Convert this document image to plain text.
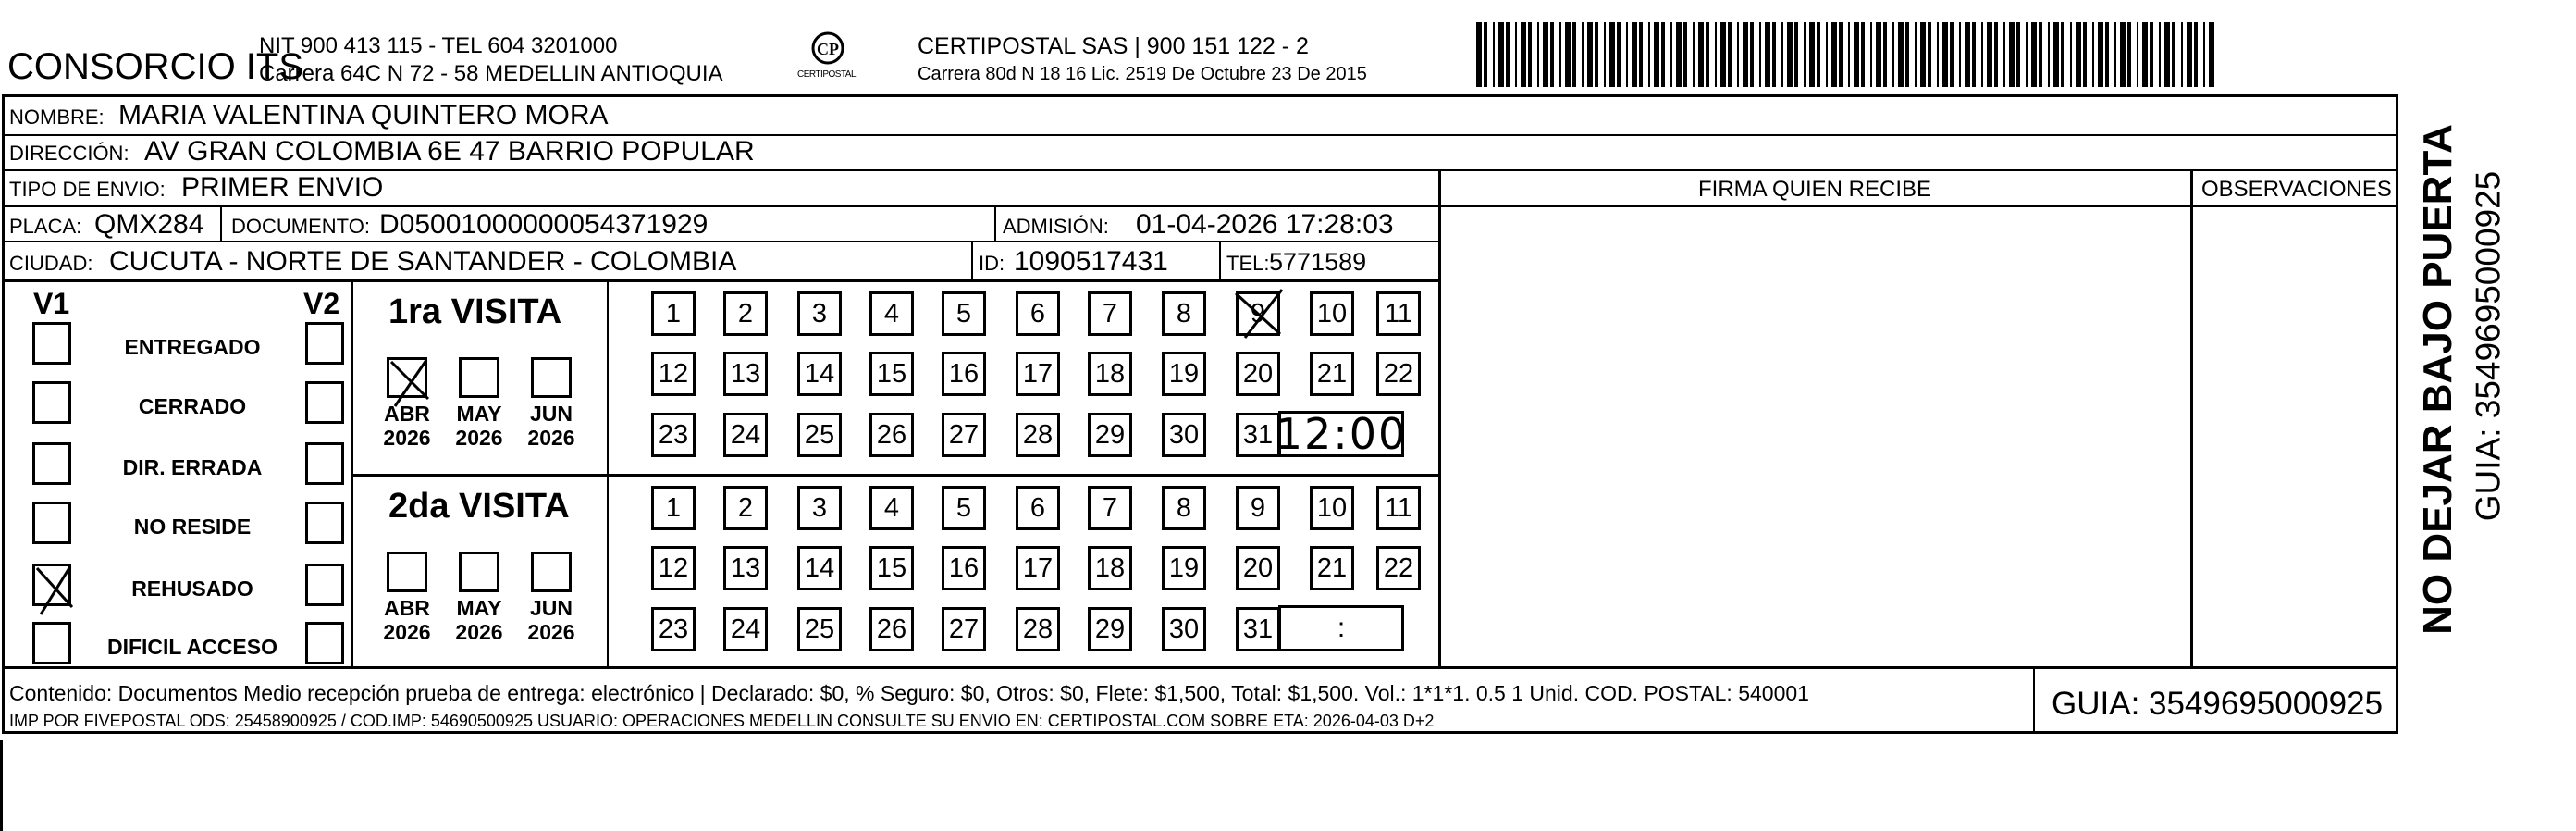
CONSORCIO ITS
NIT 900 413 115 - TEL 604 3201000
Carrera 64C N 72 - 58 MEDELLIN ANTIOQUIA
CP
CERTIPOSTAL
CERTIPOSTAL SAS | 900 151 122 - 2
Carrera 80d N 18 16 Lic. 2519 De Octubre 23 De 2015
NOMBRE: MARIA VALENTINA QUINTERO MORA
DIRECCIÓN: AV GRAN COLOMBIA 6E 47 BARRIO POPULAR
TIPO DE ENVIO: PRIMER ENVIO	FIRMA QUIEN RECIBE	OBSERVACIONES
PLACA: QMX284 DOCUMENTO: D05001000000054371929	ADMISIÓN: 01-04-2026 17:28:03
CIUDAD: CUCUTA - NORTE DE SANTANDER - COLOMBIA	ID: 1090517431	TEL: 5771589
V1	V2
ENTREGADO
CERRADO
DIR. ERRADA
NO RESIDE
REHUSADO
DIFICIL ACCESO
1ra VISITA
ABR
2026
MAY
2026
JUN
2026
1	2	3	4	5	6	7	8	9	10	11
12 13 14 15 16 17 18 19 20 21 22
23 24 25 26 27 28 29 30 31 12:00
2da VISITA
ABR
2026
MAY
2026
JUN
2026
1	2	3	4	5	6	7	8	9	10	11
12 13 14 15 16 17 18 19 20 21 22
23 24 25 26 27 28 29 30 31 :
Contenido: Documentos Medio recepción prueba de entrega: electrónico | Declarado: $0, % Seguro: $0, Otros: $0, Flete: $1,500, Total: $1,500. Vol.: 1*1*1. 0.5 1 Unid. COD. POSTAL: 540001
IMP POR FIVEPOSTAL ODS: 25458900925 / COD.IMP: 54690500925 USUARIO: OPERACIONES MEDELLIN CONSULTE SU ENVIO EN: CERTIPOSTAL.COM SOBRE ETA: 2026-04-03 D+2	GUIA: 3549695000925
NO DEJAR BAJO PUERTA GUIA: 3549695000925
